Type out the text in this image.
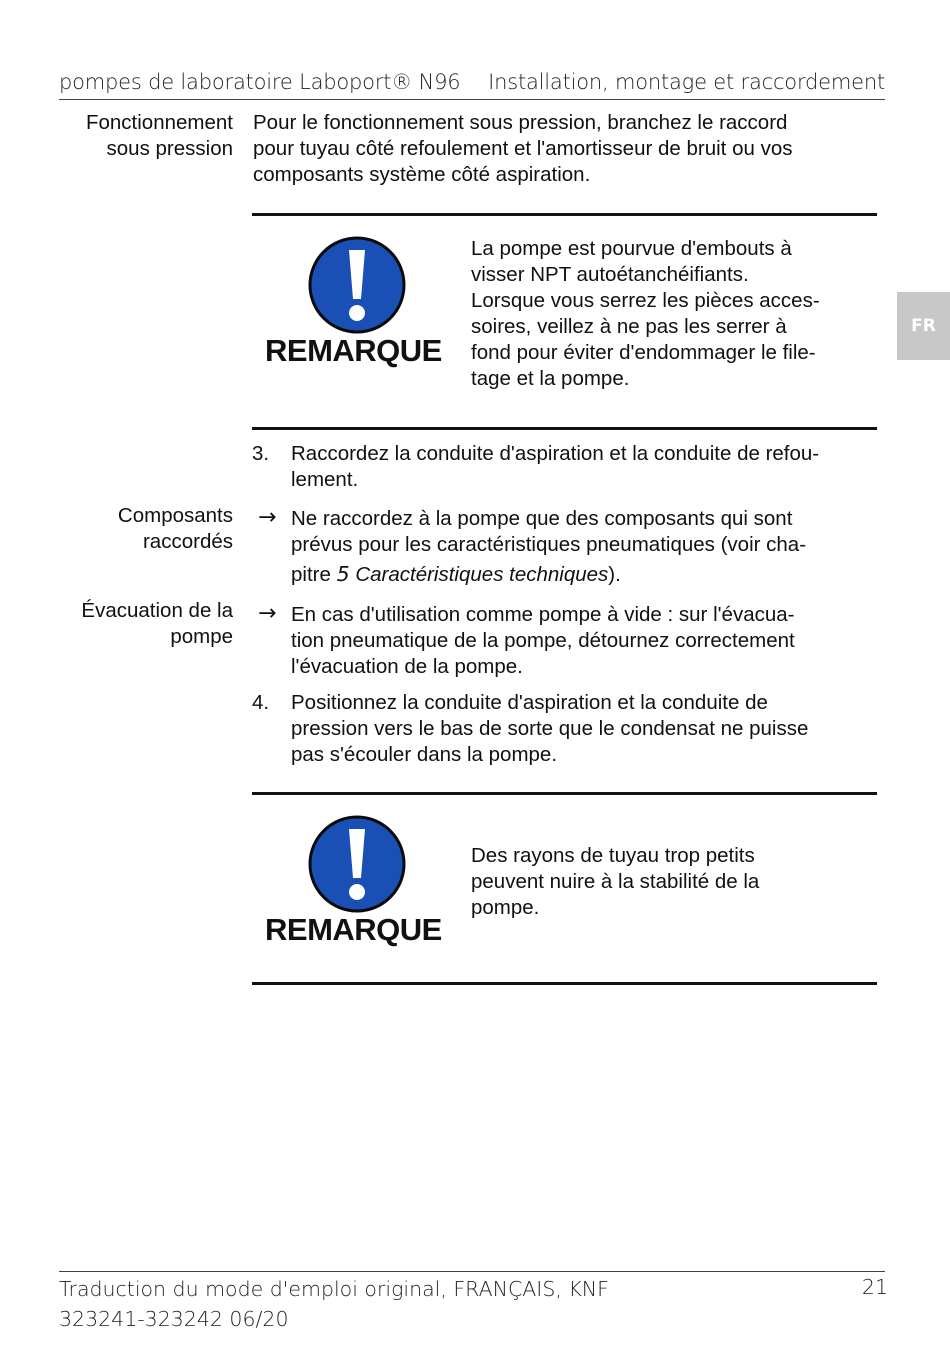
pompes de laboratoire Laboport® N96 Installation, montage et raccordement
FR
Fonctionnement
sous pression
Pour le fonctionnement sous pression, branchez le raccord
pour tuyau côté refoulement et l'amortisseur de bruit ou vos
composants système côté aspiration.
REMARQUE
La pompe est pourvue d'embouts à
visser NPT autoétanchéifiants.
Lorsque vous serrez les pièces acces-
soires, veillez à ne pas les serrer à
fond pour éviter d'endommager le file-
tage et la pompe.
3. Raccordez la conduite d'aspiration et la conduite de refou-
lement.
Composants
raccordés
→ Ne raccordez à la pompe que des composants qui sont
prévus pour les caractéristiques pneumatiques (voir cha-
pitre 5 Caractéristiques techniques).
Évacuation de la
pompe
→ En cas d'utilisation comme pompe à vide : sur l'évacua-
tion pneumatique de la pompe, détournez correctement
l'évacuation de la pompe.
4. Positionnez la conduite d'aspiration et la conduite de
pression vers le bas de sorte que le condensat ne puisse
pas s'écouler dans la pompe.
REMARQUE
Des rayons de tuyau trop petits
peuvent nuire à la stabilité de la
pompe.
Traduction du mode d'emploi original, FRANÇAIS, KNF
323241-323242 06/20
21
